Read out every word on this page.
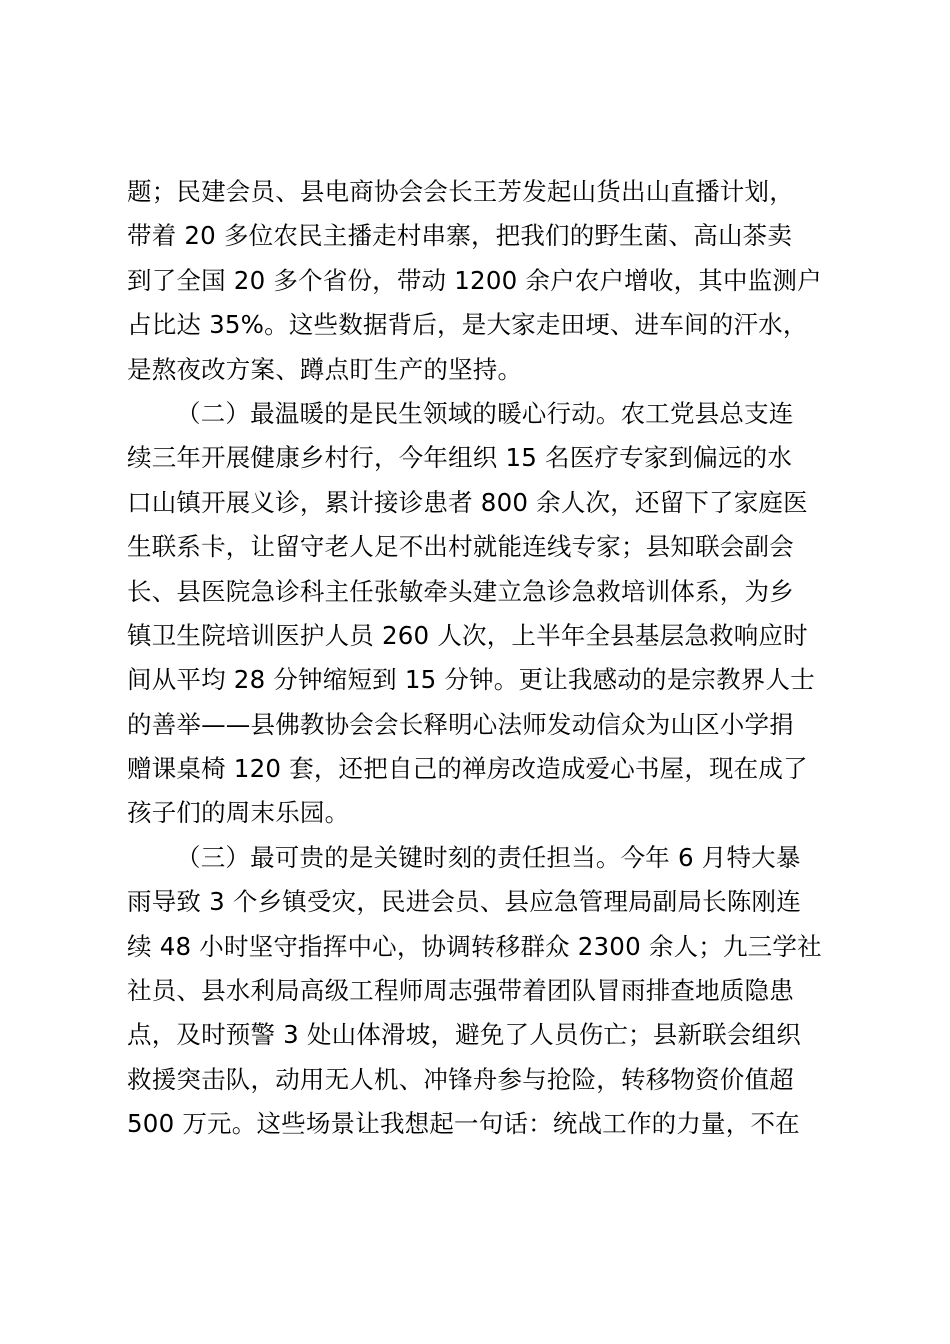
题；民建会员、县电商协会会长王芳发起山货出山直播计划，
带着 20 多位农民主播走村串寨，把我们的野生菌、高山茶卖
到了全国 20 多个省份，带动 1200 余户农户增收，其中监测户
占比达 35%。这些数据背后，是大家走田埂、进车间的汗水，
是熬夜改方案、蹲点盯生产的坚持。
（二）最温暖的是民生领域的暖心行动。农工党县总支连
续三年开展健康乡村行，今年组织 15 名医疗专家到偏远的水
口山镇开展义诊，累计接诊患者 800 余人次，还留下了家庭医
生联系卡，让留守老人足不出村就能连线专家；县知联会副会
长、县医院急诊科主任张敏牵头建立急诊急救培训体系，为乡
镇卫生院培训医护人员 260 人次，上半年全县基层急救响应时
间从平均 28 分钟缩短到 15 分钟。更让我感动的是宗教界人士
的善举——县佛教协会会长释明心法师发动信众为山区小学捐
赠课桌椅 120 套，还把自己的禅房改造成爱心书屋，现在成了
孩子们的周末乐园。
（三）最可贵的是关键时刻的责任担当。今年 6 月特大暴
雨导致 3 个乡镇受灾，民进会员、县应急管理局副局长陈刚连
续 48 小时坚守指挥中心，协调转移群众 2300 余人；九三学社
社员、县水利局高级工程师周志强带着团队冒雨排查地质隐患
点，及时预警 3 处山体滑坡，避免了人员伤亡；县新联会组织
救援突击队，动用无人机、冲锋舟参与抢险，转移物资价值超
500 万元。这些场景让我想起一句话：统战工作的力量，不在
